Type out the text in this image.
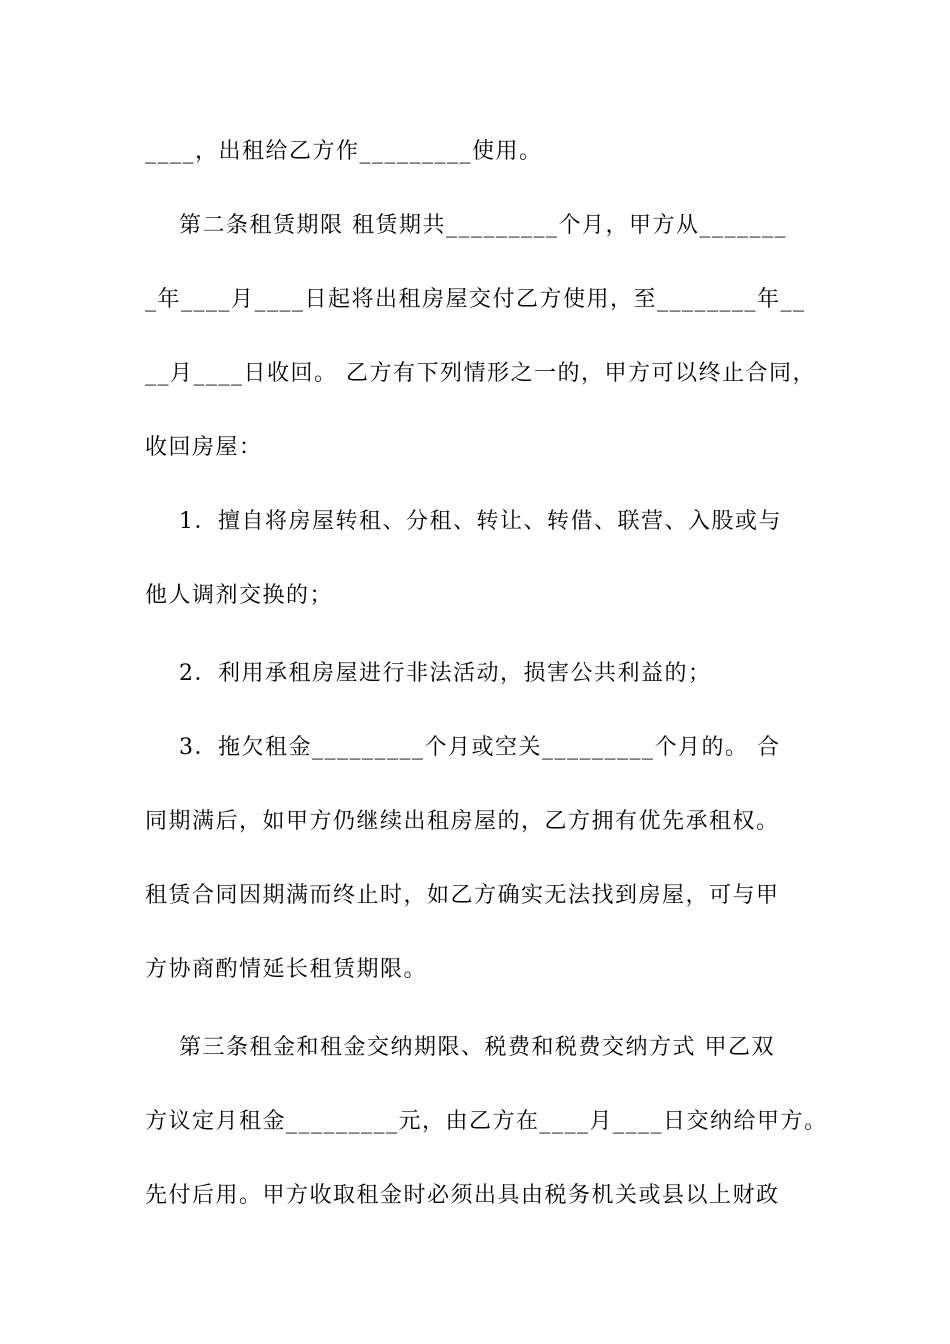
____，出租给乙方作_________使用。
第二条租赁期限 租赁期共_________个月，甲方从_______
_年____月____日起将出租房屋交付乙方使用，至________年__
__月____日收回。 乙方有下列情形之一的，甲方可以终止合同，
收回房屋：
1．擅自将房屋转租、分租、转让、转借、联营、入股或与
他人调剂交换的；
2．利用承租房屋进行非法活动，损害公共利益的；
3．拖欠租金_________个月或空关_________个月的。 合
同期满后，如甲方仍继续出租房屋的，乙方拥有优先承租权。
租赁合同因期满而终止时，如乙方确实无法找到房屋，可与甲
方协商酌情延长租赁期限。
第三条租金和租金交纳期限、税费和税费交纳方式 甲乙双
方议定月租金_________元，由乙方在____月____日交纳给甲方。
先付后用。甲方收取租金时必须出具由税务机关或县以上财政
